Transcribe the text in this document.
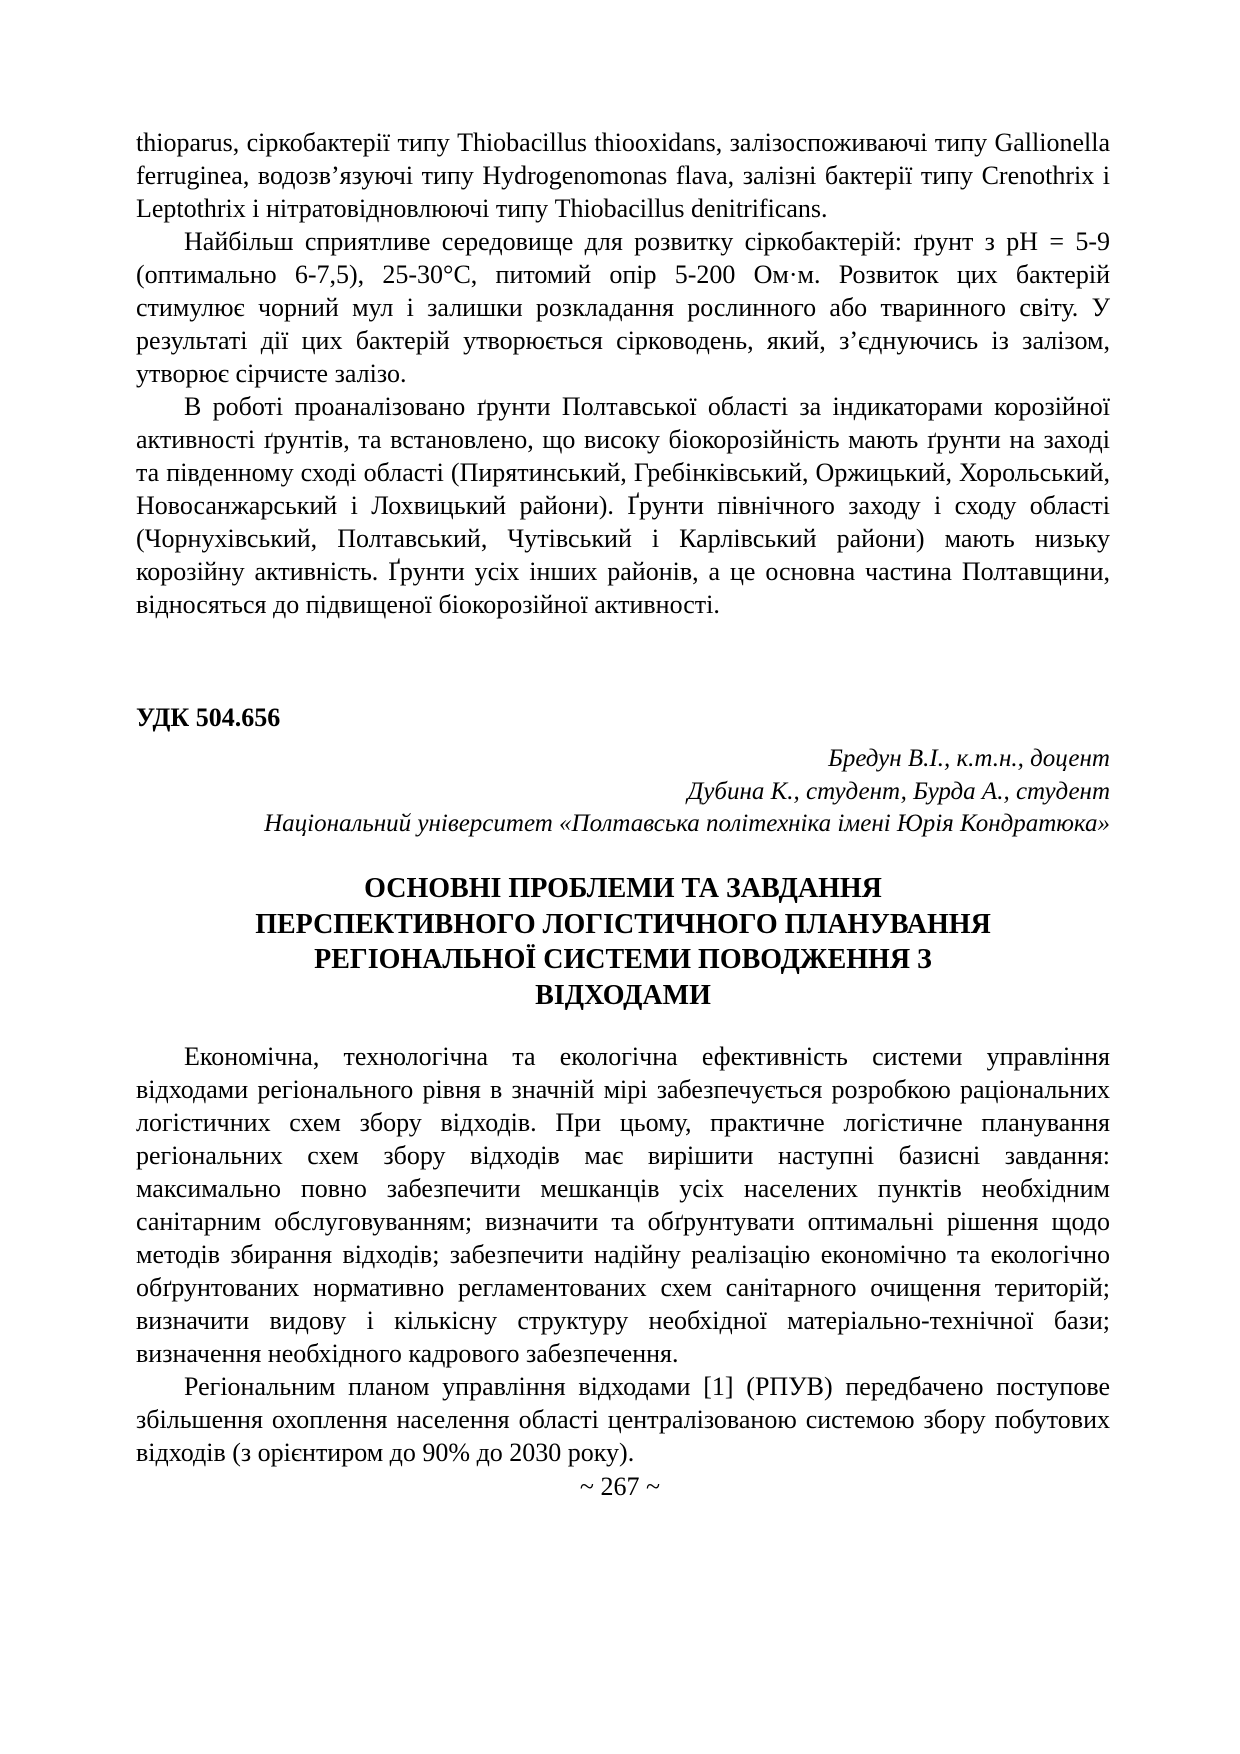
thioparus, сіркобактерії типу Thiobacillus thiooxidans, залізоспоживаючі типу Gallionella ferruginea, водозв’язуючі типу Hydrogenomonas flava, залізні бактерії типу Crenothrix і Leptothrix і нітратовідновлюючі типу Thiobacillus denitrificans.

Найбільш сприятливе середовище для розвитку сіркобактерій: ґрунт з pH = 5-9 (оптимально 6-7,5), 25-30°С, питомий опір 5-200 Ом·м. Розвиток цих бактерій стимулює чорний мул і залишки розкладання рослинного або тваринного світу. У результаті дії цих бактерій утворюється сірководень, який, з’єднуючись із залізом, утворює сірчисте залізо.

В роботі проаналізовано ґрунти Полтавської області за індикаторами корозійної активності ґрунтів, та встановлено, що високу біокорозійність мають ґрунти на заході та південному сході області (Пирятинський, Гребінківський, Оржицький, Хорольський, Новосанжарський і Лохвицький райони). Ґрунти північного заходу і сходу області (Чорнухівський, Полтавський, Чутівський і Карлівський райони) мають низьку корозійну активність. Ґрунти усіх інших районів, а це основна частина Полтавщини, відносяться до підвищеної біокорозійної активності.

УДК 504.656
Бредун В.І., к.т.н., доцент
Дубина К., студент, Бурда А., студент
Національний університет «Полтавська політехніка імені Юрія Кондратюка»
ОСНОВНІ ПРОБЛЕМИ ТА ЗАВДАННЯ
ПЕРСПЕКТИВНОГО ЛОГІСТИЧНОГО ПЛАНУВАННЯ
РЕГІОНАЛЬНОЇ СИСТЕМИ ПОВОДЖЕННЯ З
ВІДХОДАМИ

Економічна, технологічна та екологічна ефективність системи управління відходами регіонального рівня в значній мірі забезпечується розробкою раціональних логістичних схем збору відходів. При цьому, практичне логістичне планування регіональних схем збору відходів має вирішити наступні базисні завдання: максимально повно забезпечити мешканців усіх населених пунктів необхідним санітарним обслуговуванням; визначити та обґрунтувати оптимальні рішення щодо методів збирання відходів; забезпечити надійну реалізацію економічно та екологічно обґрунтованих нормативно регламентованих схем санітарного очищення територій; визначити видову і кількісну структуру необхідної матеріально-технічної бази; визначення необхідного кадрового забезпечення.

Регіональним планом управління відходами [1] (РПУВ) передбачено поступове збільшення охоплення населення області централізованою системою збору побутових відходів (з орієнтиром до 90% до 2030 року).

~ 267 ~
